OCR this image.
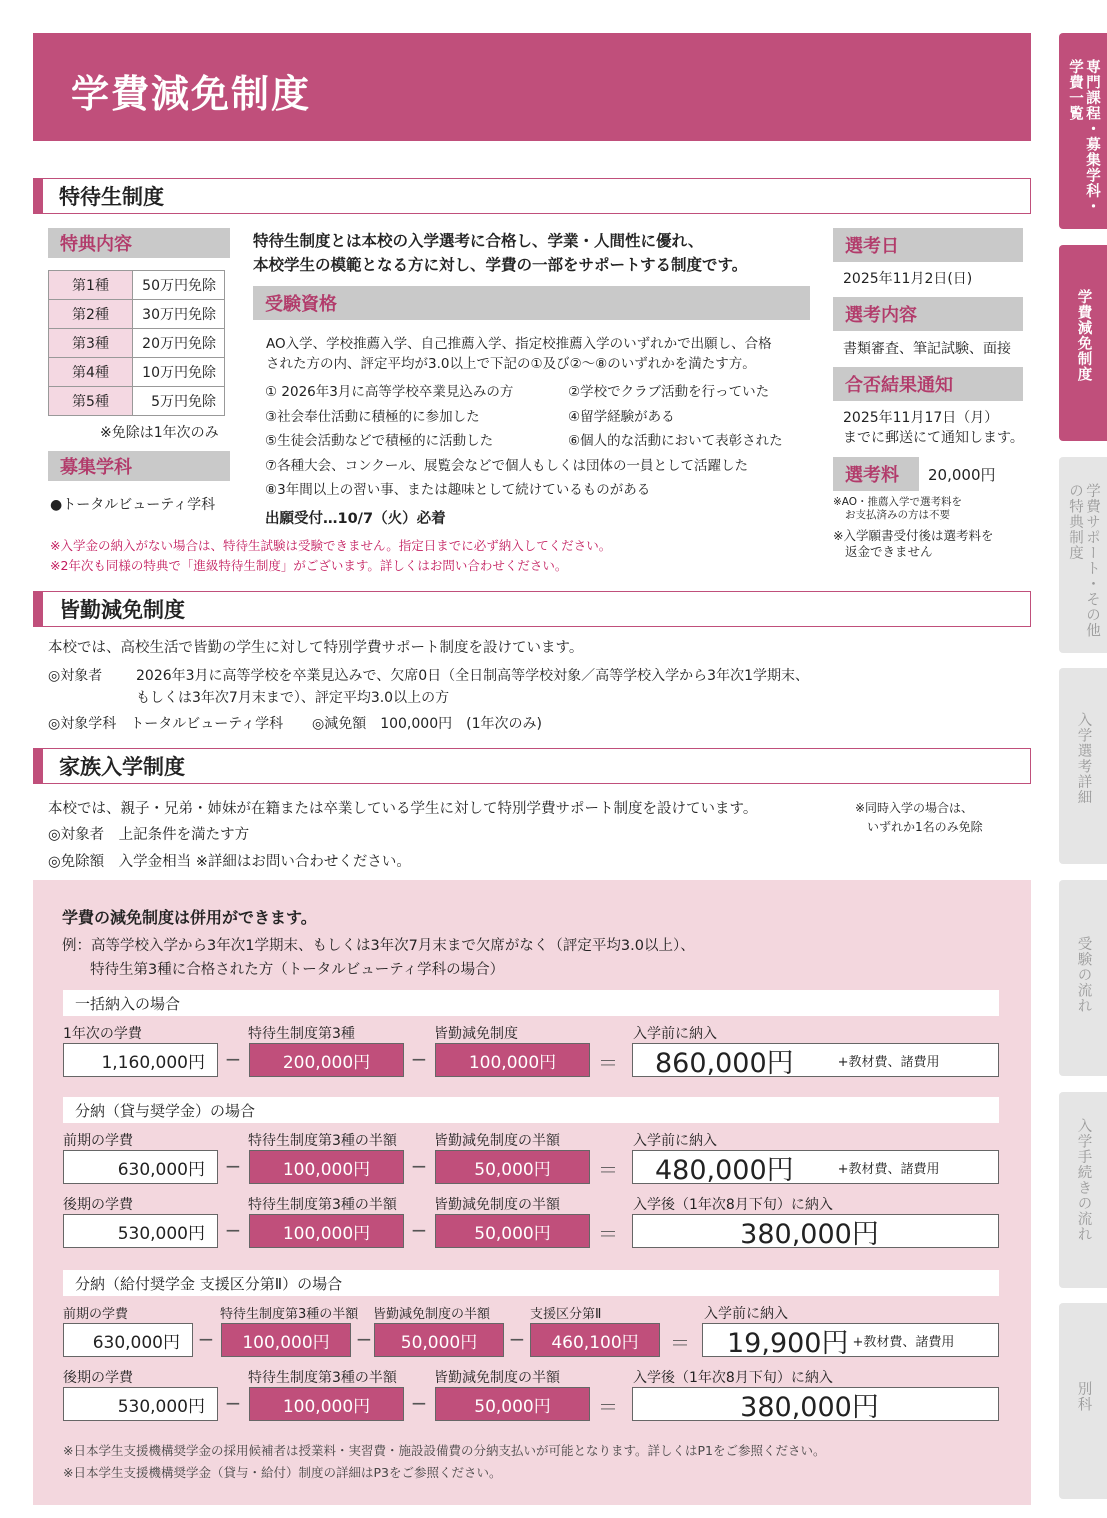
学費減免制度	専門課程・募集学科・学費一覧
学費減免制度
学費サポート・その他の特典制度
入学選考詳細
受験の流れ
入学手続きの流れ
別科
特待生制度
特典内容
第1種	50万円免除
第2種	30万円免除
第3種	20万円免除
第4種	10万円免除
第5種	5万円免除
※免除は1年次のみ
募集学科
●トータルビューティ学科
特待生制度とは本校の入学選考に合格し、学業・人間性に優れ、
本校学生の模範となる方に対し、学費の一部をサポートする制度です。
受験資格
AO入学、学校推薦入学、自己推薦入学、指定校推薦入学のいずれかで出願し、合格
された方の内、評定平均が3.0以上で下記の①及び②～⑧のいずれかを満たす方。
① 2026年3月に高等学校卒業見込みの方	②学校でクラブ活動を行っていた
③社会奉仕活動に積極的に参加した	④留学経験がある
⑤生徒会活動などで積極的に活動した	⑥個人的な活動において表彰された
⑦各種大会、コンクール、展覧会などで個人もしくは団体の一員として活躍した
⑧3年間以上の習い事、または趣味として続けているものがある
出願受付…10/7（火）必着
※入学金の納入がない場合は、特待生試験は受験できません。指定日までに必ず納入してください。
※2年次も同様の特典で「進級特待生制度」がございます。詳しくはお問い合わせください。
選考日
2025年11月2日(日)
選考内容
書類審査、筆記試験、面接
合否結果通知
2025年11月17日（月）
までに郵送にて通知します。
選考料	20,000円
※AO・推薦入学で選考料を
お支払済みの方は不要
※入学願書受付後は選考料を
返金できません
皆勤減免制度
本校では、高校生活で皆勤の学生に対して特別学費サポート制度を設けています。
◎対象者 2026年3月に高等学校を卒業見込みで、欠席0日（全日制高等学校対象／高等学校入学から3年次1学期末、
もしくは3年次7月末まで）、評定平均3.0以上の方
◎対象学科　トータルビューティ学科 ◎減免額　100,000円　(1年次のみ)
家族入学制度
本校では、親子・兄弟・姉妹が在籍または卒業している学生に対して特別学費サポート制度を設けています。	※同時入学の場合は、
いずれか1名のみ免除
◎対象者　上記条件を満たす方
◎免除額　入学金相当 ※詳細はお問い合わせください。
学費の減免制度は併用ができます。
例：高等学校入学から3年次1学期末、もしくは3年次7月末まで欠席がなく（評定平均3.0以上）、
特待生第3種に合格された方（トータルビューティ学科の場合）
一括納入の場合
1年次の学費	特待生制度第3種	皆勤減免制度	入学前に納入
1,160,000円 −	200,000円	−	100,000円	＝ 860,000円	+教材費、諸費用
分納（貸与奨学金）の場合
前期の学費	特待生制度第3種の半額	皆勤減免制度の半額	入学前に納入
630,000円 −	100,000円	−	50,000円	＝ 480,000円	+教材費、諸費用
後期の学費	特待生制度第3種の半額	皆勤減免制度の半額	入学後（1年次8月下旬）に納入
530,000円 −	100,000円	−	50,000円	＝	380,000円
分納（給付奨学金 支援区分第Ⅱ）の場合
前期の学費	特待生制度第3種の半額 皆勤減免制度の半額	支援区分第Ⅱ	入学前に納入
630,000円 −	100,000円	−	50,000円	−	460,100円	＝ 19,900円 +教材費、諸費用
後期の学費	特待生制度第3種の半額	皆勤減免制度の半額	入学後（1年次8月下旬）に納入
530,000円 −	100,000円	−	50,000円	＝	380,000円
※日本学生支援機構奨学金の採用候補者は授業料・実習費・施設設備費の分納支払いが可能となります。詳しくはP1をご参照ください。
※日本学生支援機構奨学金（貸与・給付）制度の詳細はP3をご参照ください。
